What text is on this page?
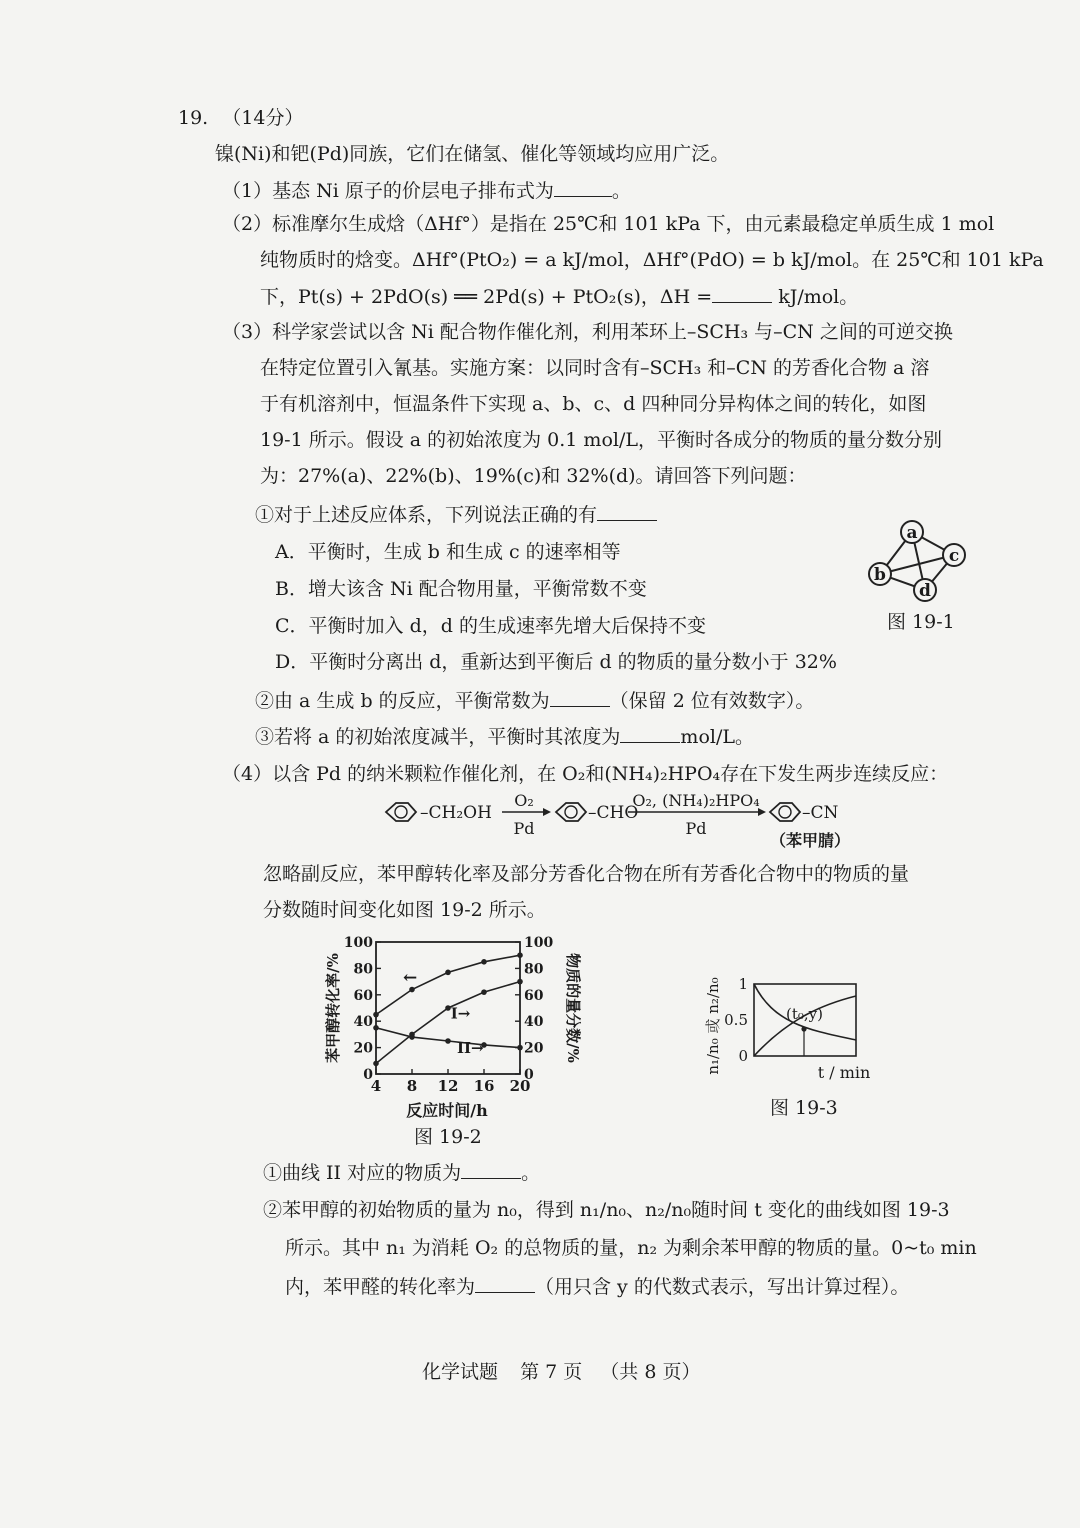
19. （14分）
镍(Ni)和钯(Pd)同族，它们在储氢、催化等领域均应用广泛。
（1）基态 Ni 原子的价层电子排布式为	。
（2）标准摩尔生成焓（ΔHf°）是指在 25℃和 101 kPa 下，由元素最稳定单质生成 1 mol
纯物质时的焓变。ΔHf°(PtO₂) = a kJ/mol，ΔHf°(PdO) = b kJ/mol。在 25℃和 101 kPa
下，Pt(s) + 2PdO(s) ══ 2Pd(s) + PtO₂(s)，ΔH =	kJ/mol。
（3）科学家尝试以含 Ni 配合物作催化剂，利用苯环上–SCH₃ 与–CN 之间的可逆交换
在特定位置引入氰基。实施方案：以同时含有–SCH₃ 和–CN 的芳香化合物 a 溶
于有机溶剂中，恒温条件下实现 a、b、c、d 四种同分异构体之间的转化，如图
19-1 所示。假设 a 的初始浓度为 0.1 mol/L，平衡时各成分的物质的量分数分别
为：27%(a)、22%(b)、19%(c)和 32%(d)。请回答下列问题：
①对于上述反应体系，下列说法正确的有
A．平衡时，生成 b 和生成 c 的速率相等
B．增大该含 Ni 配合物用量，平衡常数不变
C．平衡时加入 d，d 的生成速率先增大后保持不变
D．平衡时分离出 d，重新达到平衡后 d 的物质的量分数小于 32%
a
b
c
d
图 19-1
②由 a 生成 b 的反应，平衡常数为	（保留 2 位有效数字）。
③若将 a 的初始浓度减半，平衡时其浓度为	mol/L。
（4）以含 Pd 的纳米颗粒作催化剂，在 O₂和(NH₄)₂HPO₄存在下发生两步连续反应：
–CH₂OH
O₂
Pd
–CHO
O₂, (NH₄)₂HPO₄
Pd
–CN
（苯甲腈）
忽略副反应，苯甲醇转化率及部分芳香化合物在所有芳香化合物中的物质的量
分数随时间变化如图 19-2 所示。
苯甲醇转化率/%	物质的量分数/%
反应时间/h
0	0
20	20
40	40
60	60
80	80
100	100
4 8 12 16 20
←
I→
II→
图 19-2
n₁/n₀ 或 n₂/n₀	t / min
0
0.5
1
(t₀,y)
图 19-3
①曲线 II 对应的物质为	。
②苯甲醇的初始物质的量为 n₀，得到 n₁/n₀、n₂/n₀随时间 t 变化的曲线如图 19-3
所示。其中 n₁ 为消耗 O₂ 的总物质的量，n₂ 为剩余苯甲醇的物质的量。0~t₀ min
内，苯甲醛的转化率为	（用只含 y 的代数式表示，写出计算过程）。
化学试题 第 7 页 （共 8 页）
